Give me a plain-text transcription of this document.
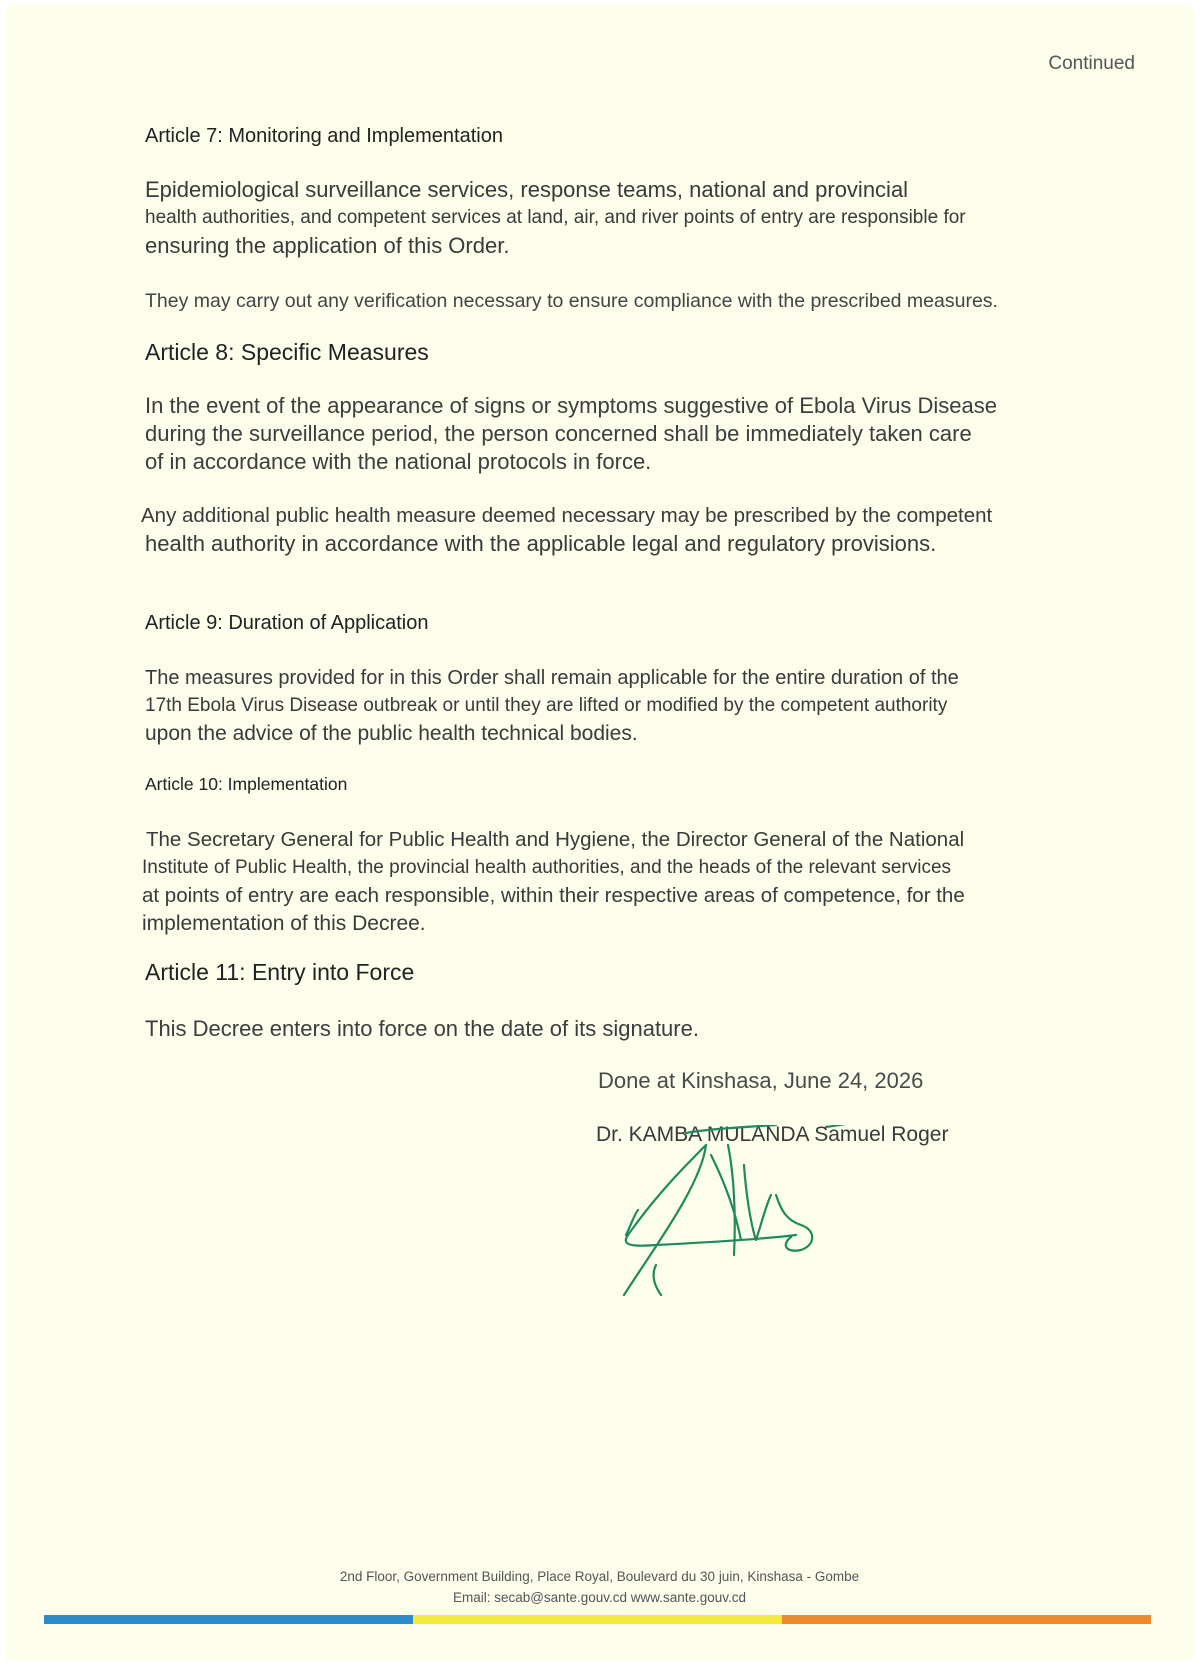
Continued
Article 7: Monitoring and Implementation
Epidemiological surveillance services, response teams, national and provincial
health authorities, and competent services at land, air, and river points of entry are responsible for
ensuring the application of this Order.
They may carry out any verification necessary to ensure compliance with the prescribed measures.
Article 8: Specific Measures
In the event of the appearance of signs or symptoms suggestive of Ebola Virus Disease
during the surveillance period, the person concerned shall be immediately taken care
of in accordance with the national protocols in force.
Any additional public health measure deemed necessary may be prescribed by the competent
health authority in accordance with the applicable legal and regulatory provisions.
Article 9: Duration of Application
The measures provided for in this Order shall remain applicable for the entire duration of the
17th Ebola Virus Disease outbreak or until they are lifted or modified by the competent authority
upon the advice of the public health technical bodies.
Article 10: Implementation
The Secretary General for Public Health and Hygiene, the Director General of the National
Institute of Public Health, the provincial health authorities, and the heads of the relevant services
at points of entry are each responsible, within their respective areas of competence, for the
implementation of this Decree.
Article 11: Entry into Force
This Decree enters into force on the date of its signature.
Done at Kinshasa, June 24, 2026
Dr. KAMBA MULANDA Samuel Roger
2nd Floor, Government Building, Place Royal, Boulevard du 30 juin, Kinshasa - Gombe
Email: secab@sante.gouv.cd www.sante.gouv.cd
